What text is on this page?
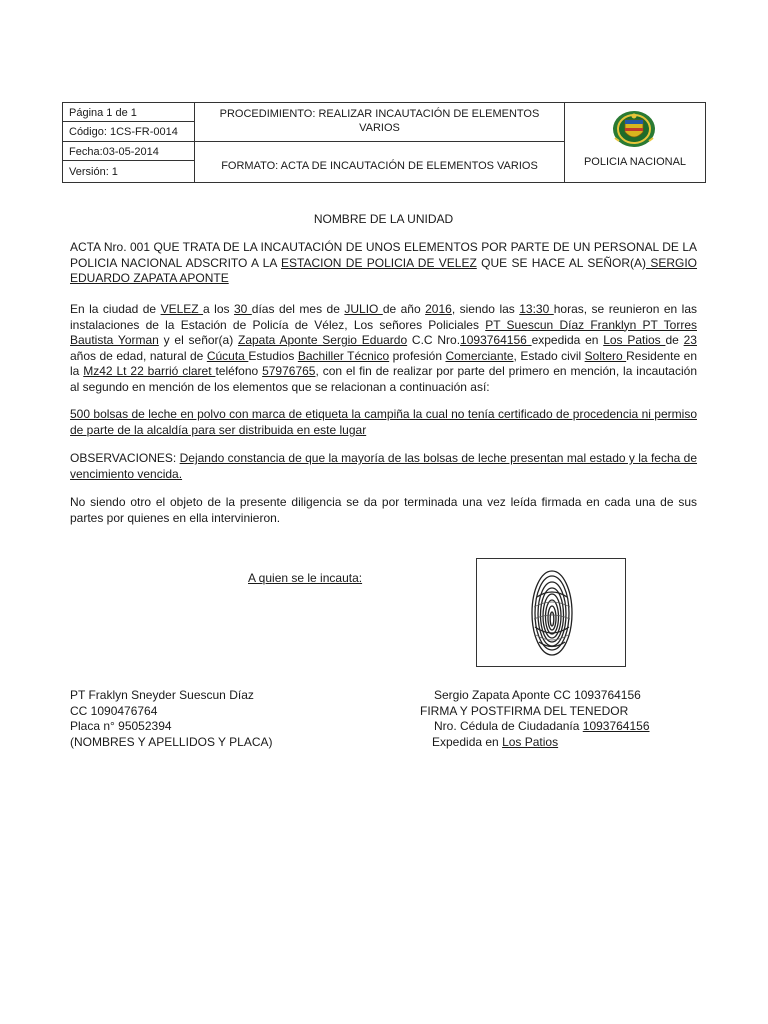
Página 1 de 1
Código: 1CS-FR-0014
Fecha:03-05-2014
Versión: 1
PROCEDIMIENTO: REALIZAR INCAUTACIÓN DE ELEMENTOS VARIOS
FORMATO: ACTA DE INCAUTACIÓN DE ELEMENTOS VARIOS	POLICIA NACIONAL
NOMBRE DE LA UNIDAD
ACTA Nro. 001 QUE TRATA DE LA INCAUTACIÓN DE UNOS ELEMENTOS POR PARTE DE UN PERSONAL DE LA POLICIA NACIONAL ADSCRITO A LA ESTACION DE POLICIA DE VELEZ QUE SE HACE AL SEÑOR(A) SERGIO EDUARDO ZAPATA APONTE
En la ciudad de VELEZ a los 30 días del mes de JULIO de año 2016, siendo las 13:30 horas, se reunieron en las instalaciones de la Estación de Policía de Vélez, Los señores Policiales PT Suescun Díaz Franklyn PT Torres Bautista Yorman y el señor(a) Zapata Aponte Sergio Eduardo C.C Nro.1093764156 expedida en Los Patios de 23 años de edad, natural de Cúcuta Estudios Bachiller Técnico profesión Comerciante, Estado civil Soltero Residente en la Mz42 Lt 22 barrió claret teléfono 57976765, con el fin de realizar por parte del primero en mención, la incautación al segundo en mención de los elementos que se relacionan a continuación así:
500 bolsas de leche en polvo con marca de etiqueta la campiña la cual no tenía certificado de procedencia ni permiso de parte de la alcaldía para ser distribuida en este lugar
OBSERVACIONES: Dejando constancia de que la mayoría de las bolsas de leche presentan mal estado y la fecha de vencimiento vencida.
No siendo otro el objeto de la presente diligencia se da por terminada una vez leída firmada en cada una de sus partes por quienes en ella intervinieron.
A quien se le incauta:
PT Fraklyn Sneyder Suescun Díaz
CC 1090476764
Placa n° 95052394
(NOMBRES Y APELLIDOS Y PLACA)
Sergio Zapata Aponte CC 1093764156
FIRMA Y POSTFIRMA DEL TENEDOR
Nro. Cédula de Ciudadanía 1093764156
Expedida en Los Patios
